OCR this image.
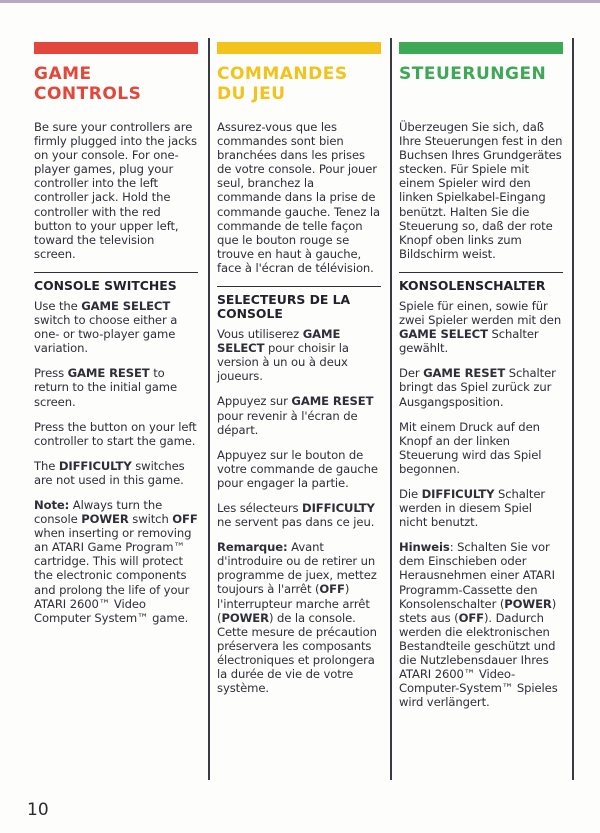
GAME
CONTROLS

Be sure your controllers are firmly plugged into the jacks on your console. For one-player games, plug your controller into the left controller jack. Hold the controller with the red button to your upper left, toward the television screen.

CONSOLE SWITCHES

Use the GAME SELECT switch to choose either a one- or two-player game variation.

Press GAME RESET to return to the initial game screen.

Press the button on your left controller to start the game.

The DIFFICULTY switches are not used in this game.

Note: Always turn the console POWER switch OFF when inserting or removing an ATARI Game Program™ cartridge. This will protect the electronic components and prolong the life of your ATARI 2600™ Video Computer System™ game.

COMMANDES
DU JEU

Assurez-vous que les commandes sont bien branchées dans les prises de votre console. Pour jouer seul, branchez la commande dans la prise de commande gauche. Tenez la commande de telle façon que le bouton rouge se trouve en haut à gauche, face à l'écran de télévision.

SELECTEURS DE LA CONSOLE

Vous utiliserez GAME SELECT pour choisir la version à un ou à deux joueurs.

Appuyez sur GAME RESET pour revenir à l'écran de départ.

Appuyez sur le bouton de votre commande de gauche pour engager la partie.

Les sélecteurs DIFFICULTY ne servent pas dans ce jeu.

Remarque: Avant d'introduire ou de retirer un programme de juex, mettez toujours à l'arrêt (OFF) l'interrupteur marche arrêt (POWER) de la console. Cette mesure de précaution préservera les composants électroniques et prolongera la durée de vie de votre système.

STEUERUNGEN

Überzeugen Sie sich, daß Ihre Steuerungen fest in den Buchsen Ihres Grundgerätes stecken. Für Spiele mit einem Spieler wird den linken Spielkabel-Eingang benützt. Halten Sie die Steuerung so, daß der rote Knopf oben links zum Bildschirm weist.

KONSOLENSCHALTER

Spiele für einen, sowie für zwei Spieler werden mit den GAME SELECT Schalter gewählt.

Der GAME RESET Schalter bringt das Spiel zurück zur Ausgangsposition.

Mit einem Druck auf den Knopf an der linken Steuerung wird das Spiel begonnen.

Die DIFFICULTY Schalter werden in diesem Spiel nicht benutzt.

Hinweis: Schalten Sie vor dem Einschieben oder Herausnehmen einer ATARI Programm-Cassette den Konsolenschalter (POWER) stets aus (OFF). Dadurch werden die elektronischen Bestandteile geschützt und die Nutzlebensdauer Ihres ATARI 2600™ Video-Computer-System™ Spieles wird verlängert.

10
